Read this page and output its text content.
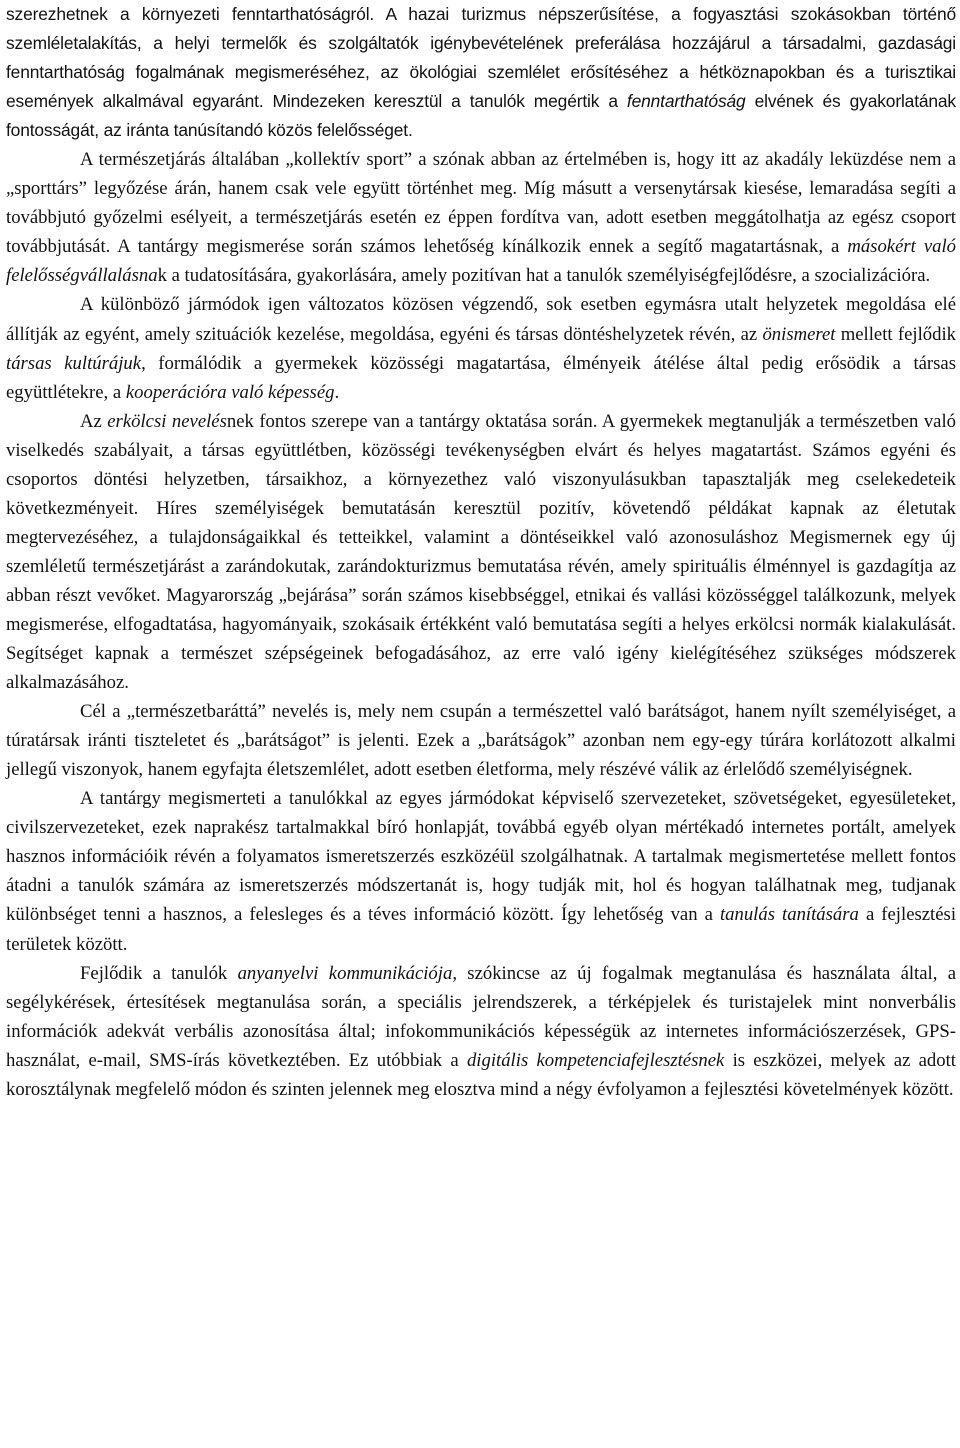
szerezhetnek a környezeti fenntarthatóságról. A hazai turizmus népszerűsítése, a fogyasztási szokásokban történő szemléletalakítás, a helyi termelők és szolgáltatók igénybevételének preferálása hozzájárul a társadalmi, gazdasági fenntarthatóság fogalmának megismeréséhez, az ökológiai szemlélet erősítéséhez a hétköznapokban és a turisztikai események alkalmával egyaránt. Mindezeken keresztül a tanulók megértik a fenntarthatóság elvének és gyakorlatának fontosságát, az iránta tanúsítandó közös felelősséget.

A természetjárás általában „kollektív sport” a szónak abban az értelmében is, hogy itt az akadály leküzdése nem a „sporttárs” legyőzése árán, hanem csak vele együtt történhet meg. Míg másutt a versenytársak kiesése, lemaradása segíti a továbbjutó győzelmi esélyeit, a természetjárás esetén ez éppen fordítva van, adott esetben meggátolhatja az egész csoport továbbjutását. A tantárgy megismerése során számos lehetőség kínálkozik ennek a segítő magatartásnak, a másokért való felelősségvállalásnak a tudatosítására, gyakorlására, amely pozitívan hat a tanulók személyiségfejlődésre, a szocializációra.

A különböző jármódok igen változatos közösen végzendő, sok esetben egymásra utalt helyzetek megoldása elé állítják az egyént, amely szituációk kezelése, megoldása, egyéni és társas döntéshelyzetek révén, az önismeret mellett fejlődik társas kultúrájuk, formálódik a gyermekek közösségi magatartása, élményeik átélése által pedig erősödik a társas együttlétekre, a kooperációra való képesség.

Az erkölcsi nevelésnek fontos szerepe van a tantárgy oktatása során. A gyermekek megtanulják a természetben való viselkedés szabályait, a társas együttlétben, közösségi tevékenységben elvárt és helyes magatartást. Számos egyéni és csoportos döntési helyzetben, társaikhoz, a környezethez való viszonyulásukban tapasztalják meg cselekedeteik következményeit. Híres személyiségek bemutatásán keresztül pozitív, követendő példákat kapnak az életutak megtervezéséhez, a tulajdonságaikkal és tetteikkel, valamint a döntéseikkel való azonosuláshoz Megismernek egy új szemléletű természetjárást a zarándokutak, zarándokturizmus bemutatása révén, amely spirituális élménnyel is gazdagítja az abban részt vevőket. Magyarország „bejárása” során számos kisebbséggel, etnikai és vallási közösséggel találkozunk, melyek megismerése, elfogadtatása, hagyományaik, szokásaik értékként való bemutatása segíti a helyes erkölcsi normák kialakulását. Segítséget kapnak a természet szépségeinek befogadásához, az erre való igény kielégítéséhez szükséges módszerek alkalmazásához.

Cél a „természetbaráttá” nevelés is, mely nem csupán a természettel való barátságot, hanem nyílt személyiséget, a túratársak iránti tiszteletet és „barátságot” is jelenti. Ezek a „barátságok” azonban nem egy-egy túrára korlátozott alkalmi jellegű viszonyok, hanem egyfajta életszemlélet, adott esetben életforma, mely részévé válik az érlelődő személyiségnek.

A tantárgy megismerteti a tanulókkal az egyes jármódokat képviselő szervezeteket, szövetségeket, egyesületeket, civilszervezeteket, ezek naprakész tartalmakkal bíró honlapját, továbbá egyéb olyan mértékadó internetes portált, amelyek hasznos információik révén a folyamatos ismeretszerzés eszközéül szolgálhatnak. A tartalmak megismertetése mellett fontos átadni a tanulók számára az ismeretszerzés módszertanát is, hogy tudják mit, hol és hogyan találhatnak meg, tudjanak különbséget tenni a hasznos, a felesleges és a téves információ között. Így lehetőség van a tanulás tanítására a fejlesztési területek között.

Fejlődik a tanulók anyanyelvi kommunikációja, szókincse az új fogalmak megtanulása és használata által, a segélykérések, értesítések megtanulása során, a speciális jelrendszerek, a térképjelek és turistajelek mint nonverbális információk adekvát verbális azonosítása által; infokommunikációs képességük az internetes információszerzések, GPS-használat, e-mail, SMS-írás következtében. Ez utóbbiak a digitális kompetenciafejlesztésnek is eszközei, melyek az adott korosztálynak megfelelő módon és szinten jelennek meg elosztva mind a négy évfolyamon a fejlesztési követelmények között.
